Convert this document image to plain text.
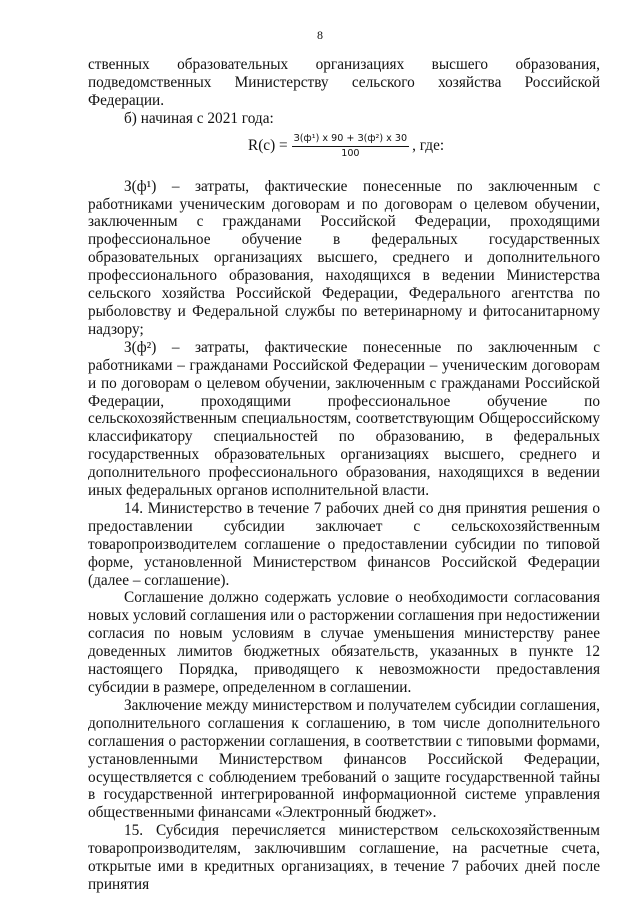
8

ственных образовательных организациях высшего образования, подведомственных Министерству сельского хозяйства Российской Федерации.

б) начиная с 2021 года:

$R(c) = \frac{\text{З(ф¹) х 90 + З(ф²) х 30}}{100}$ , где:

З(ф¹) – затраты, фактические понесенные по заключенным с работниками ученическим договорам и по договорам о целевом обучении, заключенным с гражданами Российской Федерации, проходящими профессиональное обучение в федеральных государственных образовательных организациях высшего, среднего и дополнительного профессионального образования, находящихся в ведении Министерства сельского хозяйства Российской Федерации, Федерального агентства по рыболовству и Федеральной службы по ветеринарному и фитосанитарному надзору;

З(ф²) – затраты, фактические понесенные по заключенным с работниками – гражданами Российской Федерации – ученическим договорам и по договорам о целевом обучении, заключенным с гражданами Российской Федерации, проходящими профессиональное обучение по сельскохозяйственным специальностям, соответствующим Общероссийскому классификатору специальностей по образованию, в федеральных государственных образовательных организациях высшего, среднего и дополнительного профессионального образования, находящихся в ведении иных федеральных органов исполнительной власти.

14. Министерство в течение 7 рабочих дней со дня принятия решения о предоставлении субсидии заключает с сельскохозяйственным товаропроизводителем соглашение о предоставлении субсидии по типовой форме, установленной Министерством финансов Российской Федерации (далее – соглашение).

Соглашение должно содержать условие о необходимости согласования новых условий соглашения или о расторжении соглашения при недостижении согласия по новым условиям в случае уменьшения министерству ранее доведенных лимитов бюджетных обязательств, указанных в пункте 12 настоящего Порядка, приводящего к невозможности предоставления субсидии в размере, определенном в соглашении.

Заключение между министерством и получателем субсидии соглашения, дополнительного соглашения к соглашению, в том числе дополнительного соглашения о расторжении соглашения, в соответствии с типовыми формами, установленными Министерством финансов Российской Федерации, осуществляется с соблюдением требований о защите государственной тайны в государственной интегрированной информационной системе управления общественными финансами «Электронный бюджет».

15. Субсидия перечисляется министерством сельскохозяйственным товаропроизводителям, заключившим соглашение, на расчетные счета, открытые ими в кредитных организациях, в течение 7 рабочих дней после принятия
